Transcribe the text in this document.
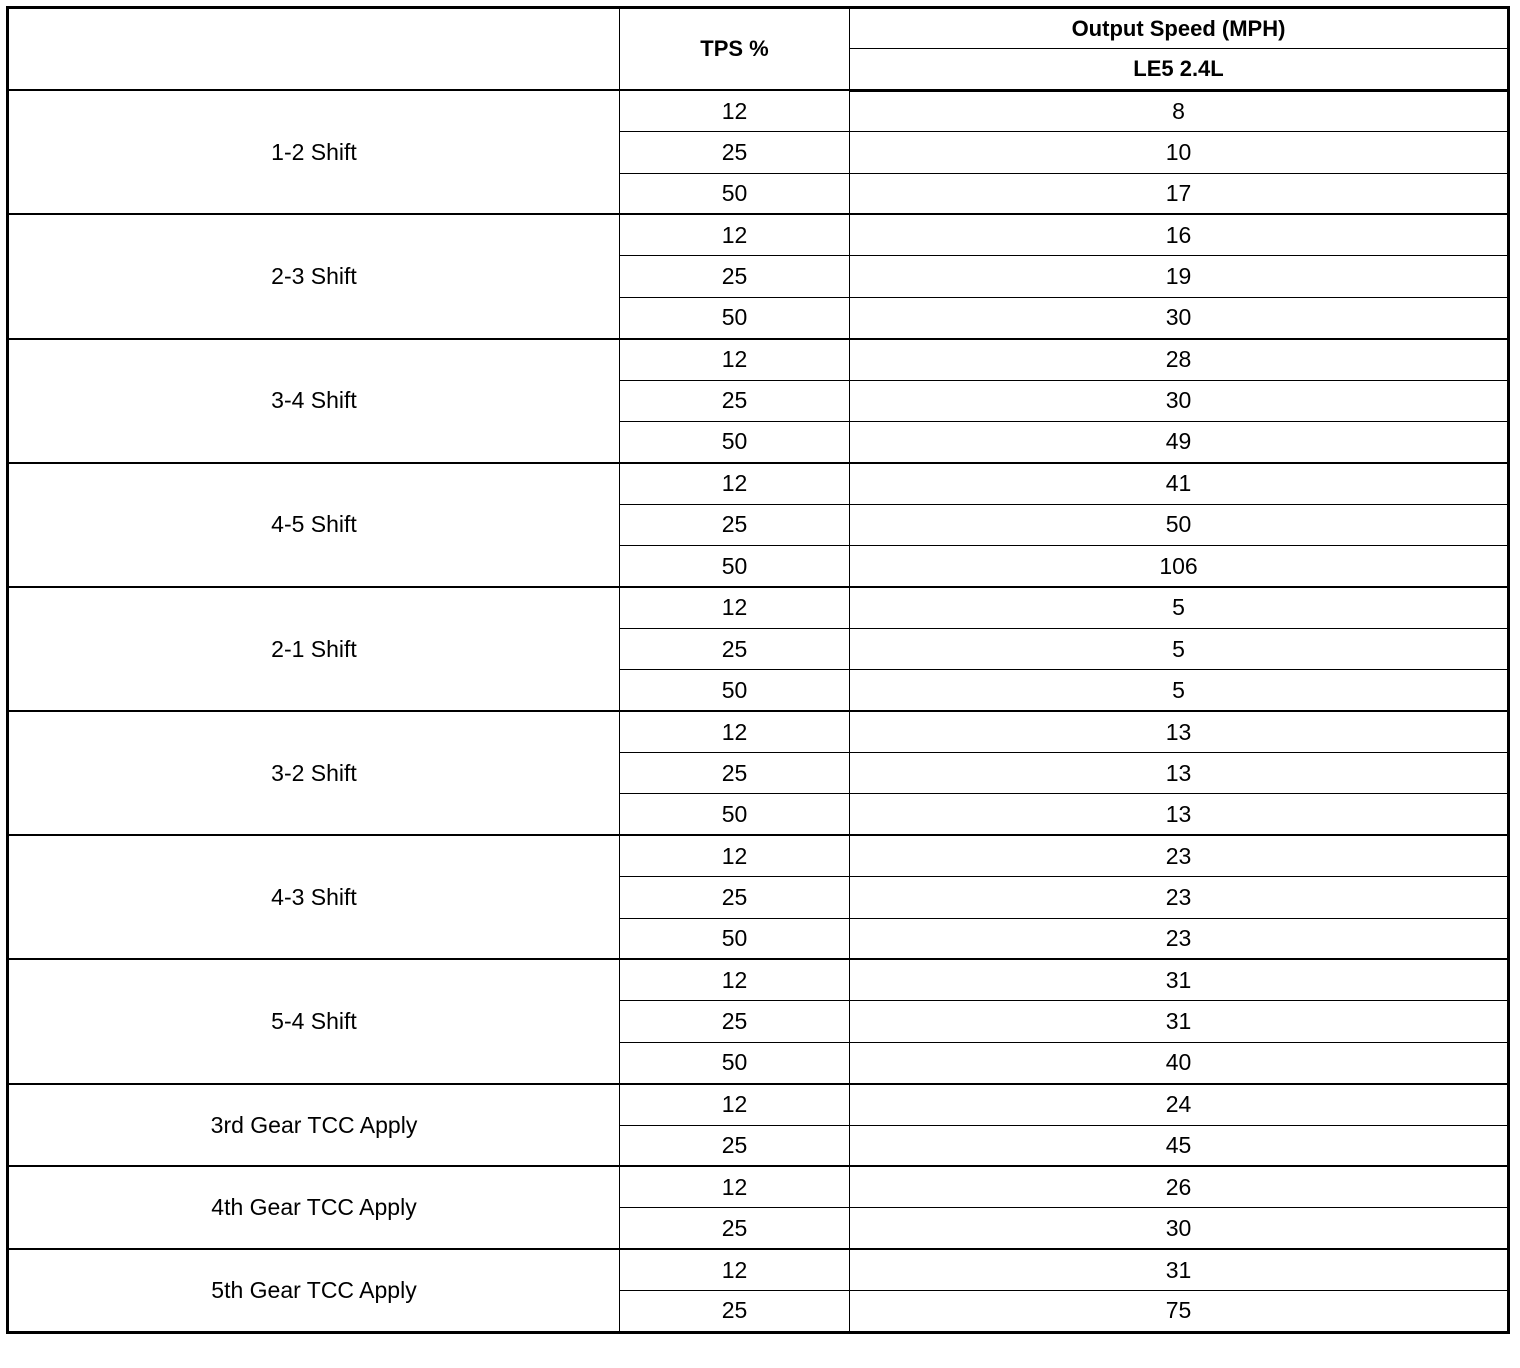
	TPS %	Output Speed (MPH)
		LE5 2.4L
1-2 Shift	12	8
	25	10
	50	17
2-3 Shift	12	16
	25	19
	50	30
3-4 Shift	12	28
	25	30
	50	49
4-5 Shift	12	41
	25	50
	50	106
2-1 Shift	12	5
	25	5
	50	5
3-2 Shift	12	13
	25	13
	50	13
4-3 Shift	12	23
	25	23
	50	23
5-4 Shift	12	31
	25	31
	50	40
3rd Gear TCC Apply	12	24
	25	45
4th Gear TCC Apply	12	26
	25	30
5th Gear TCC Apply	12	31
	25	75
